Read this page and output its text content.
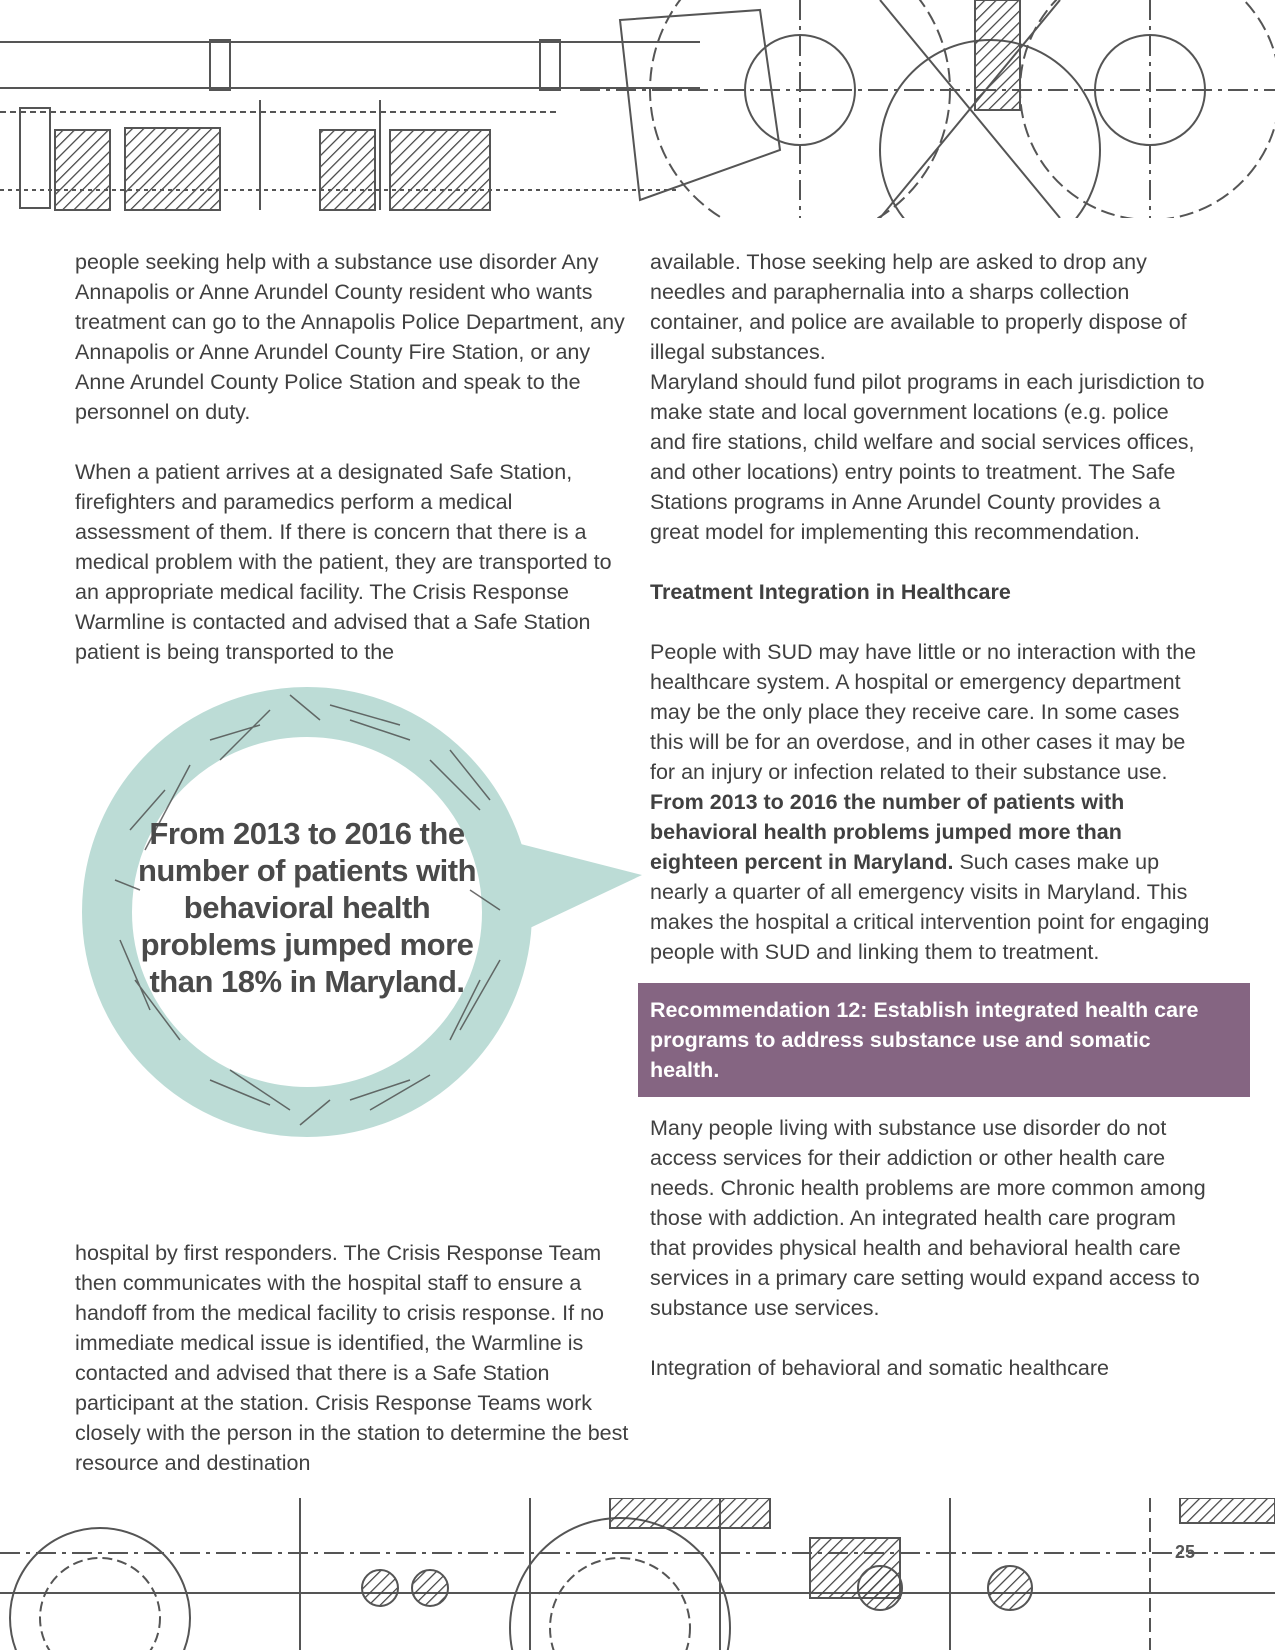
people seeking help with a substance use disorder Any Annapolis or Anne Arundel County resident who wants treatment can go to the Annapolis Police Department, any Annapolis or Anne Arundel County Fire Station, or any Anne Arundel County Police Station and speak to the personnel on duty.

When a patient arrives at a designated Safe Station, firefighters and paramedics perform a medical assessment of them. If there is concern that there is a medical problem with the patient, they are transported to an appropriate medical facility. The Crisis Response Warmline is contacted and advised that a Safe Station patient is being transported to the

From 2013 to 2016 the number of patients with behavioral health problems jumped more than 18% in Maryland.

hospital by first responders. The Crisis Response Team then communicates with the hospital staff to ensure a handoff from the medical facility to crisis response. If no immediate medical issue is identified, the Warmline is contacted and advised that there is a Safe Station participant at the station. Crisis Response Teams work closely with the person in the station to determine the best resource and destination

available. Those seeking help are asked to drop any needles and paraphernalia into a sharps collection container, and police are available to properly dispose of illegal substances.

Maryland should fund pilot programs in each jurisdiction to make state and local government locations (e.g. police and fire stations, child welfare and social services offices, and other locations) entry points to treatment. The Safe Stations programs in Anne Arundel County provides a great model for implementing this recommendation.

Treatment Integration in Healthcare

People with SUD may have little or no interaction with the healthcare system. A hospital or emergency department may be the only place they receive care. In some cases this will be for an overdose, and in other cases it may be for an injury or infection related to their substance use. From 2013 to 2016 the number of patients with behavioral health problems jumped more than eighteen percent in Maryland. Such cases make up nearly a quarter of all emergency visits in Maryland. This makes the hospital a critical intervention point for engaging people with SUD and linking them to treatment.

Recommendation 12: Establish integrated health care programs to address substance use and somatic health.

Many people living with substance use disorder do not access services for their addiction or other health care needs. Chronic health problems are more common among those with addiction. An integrated health care program that provides physical health and behavioral health care services in a primary care setting would expand access to substance use services.

Integration of behavioral and somatic healthcare

25
